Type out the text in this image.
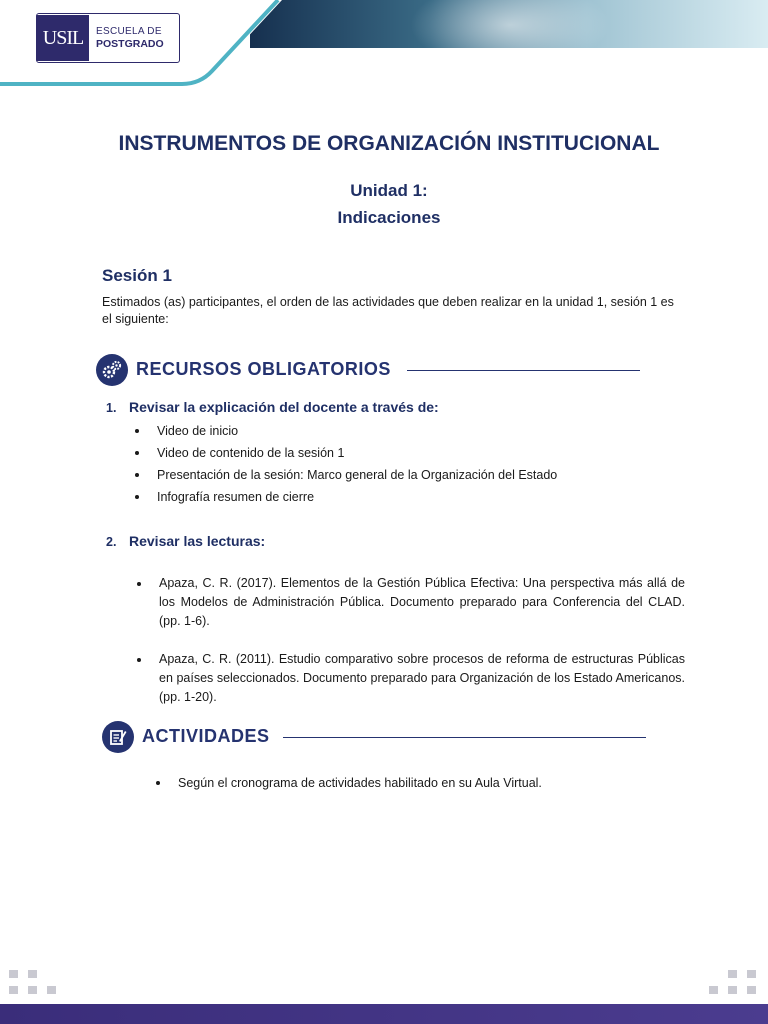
USIL	ESCUELA DE
POSTGRADO
INSTRUMENTOS DE ORGANIZACIÓN INSTITUCIONAL
Unidad 1:
Indicaciones
Sesión 1
Estimados (as) participantes, el orden de las actividades que deben realizar en la unidad 1, sesión 1 es el siguiente:
RECURSOS OBLIGATORIOS
1. Revisar la explicación del docente a través de:
Video de inicio
Video de contenido de la sesión 1
Presentación de la sesión: Marco general de la Organización del Estado
Infografía resumen de cierre
2. Revisar las lecturas:
Apaza, C. R. (2017). Elementos de la Gestión Pública Efectiva: Una perspectiva más allá de los Modelos de Administración Pública. Documento preparado para Conferencia del CLAD. (pp. 1-6).
Apaza, C. R. (2011). Estudio comparativo sobre procesos de reforma de estructuras Públicas en países seleccionados. Documento preparado para Organización de los Estado Americanos. (pp. 1-20).
ACTIVIDADES
Según el cronograma de actividades habilitado en su Aula Virtual.
